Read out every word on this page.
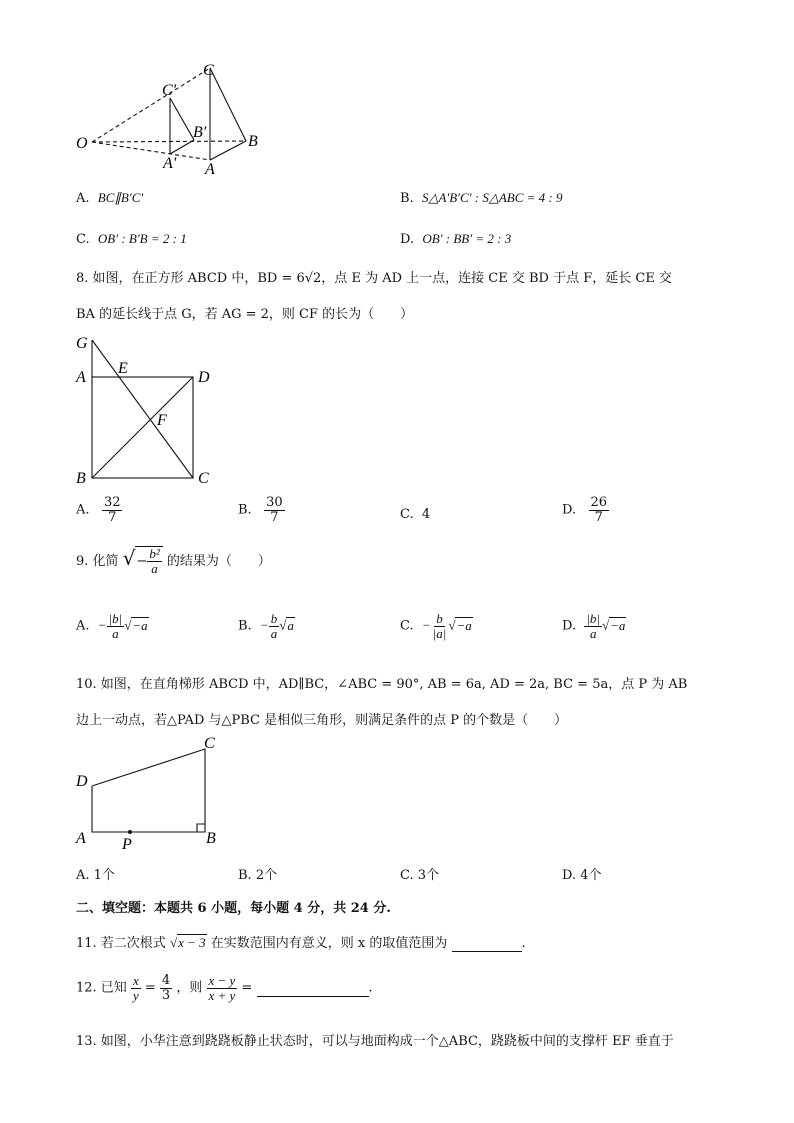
C
C'
B'
O
A' A
B
A.  BC∥B′C′	B.  S△A′B′C′ : S△ABC = 4 : 9
C.  OB′ : B′B = 2 : 1	D.  OB′ : BB′ = 2 : 3
8. 如图，在正方形 ABCD 中，BD = 6√2，点 E 为 AD 上一点，连接 CE 交 BD 于点 F，延长 CE 交
BA 的延长线于点 G，若 AG = 2，则 CF 的长为（　　）
G
A
E
D
F
B	C
A. $\frac{32}{7}$	B. $\frac{30}{7}$	C. 4	D. $\frac{26}{7}$
9. 化简 √ − $\frac{\text{b²}}{a}$ 的结果为（　　）
A. − $\frac{|b|}{a} √-a$	B. − $\frac{b}{a} √a$	C. − $\frac{b}{|a|} √-a$	D. $\frac{|b|}{a} √-a$
10. 如图，在直角梯形 ABCD 中，AD∥BC，∠ABC = 90°, AB = 6a, AD = 2a, BC = 5a，点 P 为 AB
边上一动点，若△PAD 与△PBC 是相似三角形，则满足条件的点 P 的个数是（　　）
C
D
A P	B
A. 1个	B. 2个	C. 3个	D. 4个
二、填空题：本题共 6 小题，每小题 4 分，共 24 分.
11. 若二次根式 √x − 3 在实数范围内有意义，则 x 的取值范围为	.
12. 已知 $\frac{x}{y} = \frac{4}{3}$ ，则 $\frac{x - y}{x + y}$ =	.
13. 如图，小华注意到跷跷板静止状态时，可以与地面构成一个△ABC，跷跷板中间的支撑杆 EF 垂直于
